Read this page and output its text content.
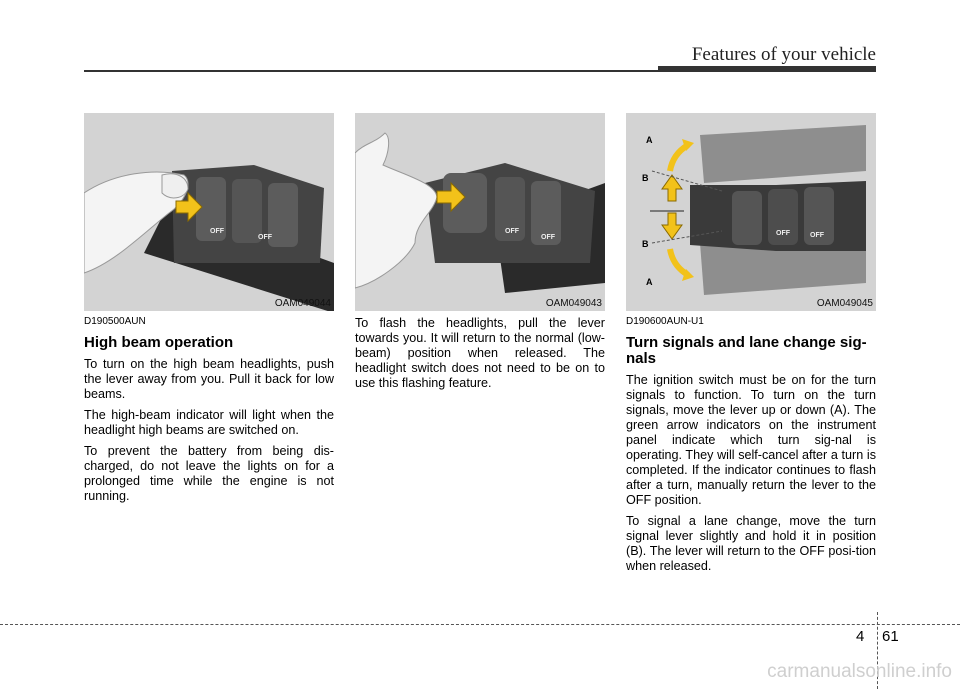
Features of your vehicle
OFF
OFF
OAM049044
OFF
OFF
OAM049043
OFF	OFF
A
B
B
A
OAM049045
D190500AUN
High beam operation

To turn on the high beam headlights, push the lever away from you. Pull it back for low beams.

The high-beam indicator will light when the headlight high beams are switched on.

To prevent the battery from being dis-charged, do not leave the lights on for a prolonged time while the engine is not running.

To flash the headlights, pull the lever towards you. It will return to the normal (low-beam) position when released. The headlight switch does not need to be on to use this flashing feature.

D190600AUN-U1
Turn signals and lane change sig-nals

The ignition switch must be on for the turn signals to function. To turn on the turn signals, move the lever up or down (A). The green arrow indicators on the instrument panel indicate which turn sig-nal is operating. They will self-cancel after a turn is completed. If the indicator continues to flash after a turn, manually return the lever to the OFF position.

To signal a lane change, move the turn signal lever slightly and hold it in position (B). The lever will return to the OFF posi-tion when released.

4 61
carmanualsonline.info
